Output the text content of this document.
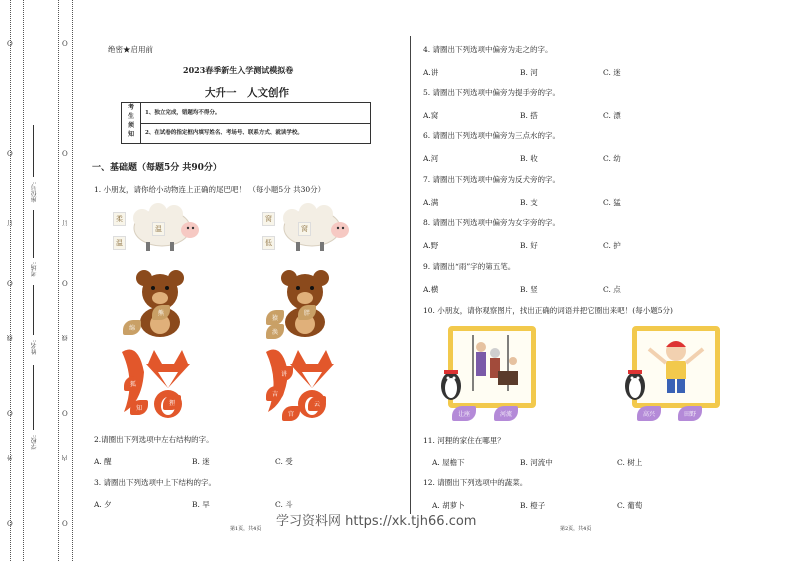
O
O
O
O
O
O
O
O
O
O
外
订
线
内
订
线
学校:
姓名:
考场:
座位号:
绝密★启用前
2023春季新生入学测试模拟卷
大升一　人文创作
考
生
须
知
1、独立完成，错题均不得分。
2、在试卷的指定框内填写姓名、考场号、联系方式、就读学校。
一、基础题（每题5分 共90分）
1. 小朋友，请你给小动物连上正确的尾巴吧！ （每小题5分 共30分）
柔
温
温
窝
低
窝
绵
熊
猿
涣
胖
狐
知
狸
讲
吉
云
宫
2.请圈出下列选项中左右结构的字。
A. 醒	B. 迷	C. 受
3. 请圈出下列选项中上下结构的字。
A. 夕	B. 早	C. 斗
第1页，共4页
4. 请圈出下列选项中偏旁为走之的字。
A.讲	B. 河	C. 迷
5. 请圈出下列选项中偏旁为提手旁的字。
A.窝	B. 搭	C. 漂
6. 请圈出下列选项中偏旁为三点水的字。
A.河	B. 收	C. 幼
7. 请圈出下列选项中偏旁为反犬旁的字。
A.满	B. 支	C. 猛
8. 请圈出下列选项中偏旁为女字旁的字。
A.野	B. 好	C. 护
9. 请圈出“雨”字的第五笔。
A.横	B. 竖	C. 点
10. 小朋友，请你观察图片，找出正确的词语并把它圈出来吧！(每小题5分)
让座	河流	高兴	田野
11. 河狸的家住在哪里？
A. 屋檐下	B. 河流中	C. 树上
12. 请圈出下列选项中的蔬菜。
A. 胡萝卜	B. 橙子	C. 葡萄
第2页，共4页
学习资料网 https://xk.tjh66.com
